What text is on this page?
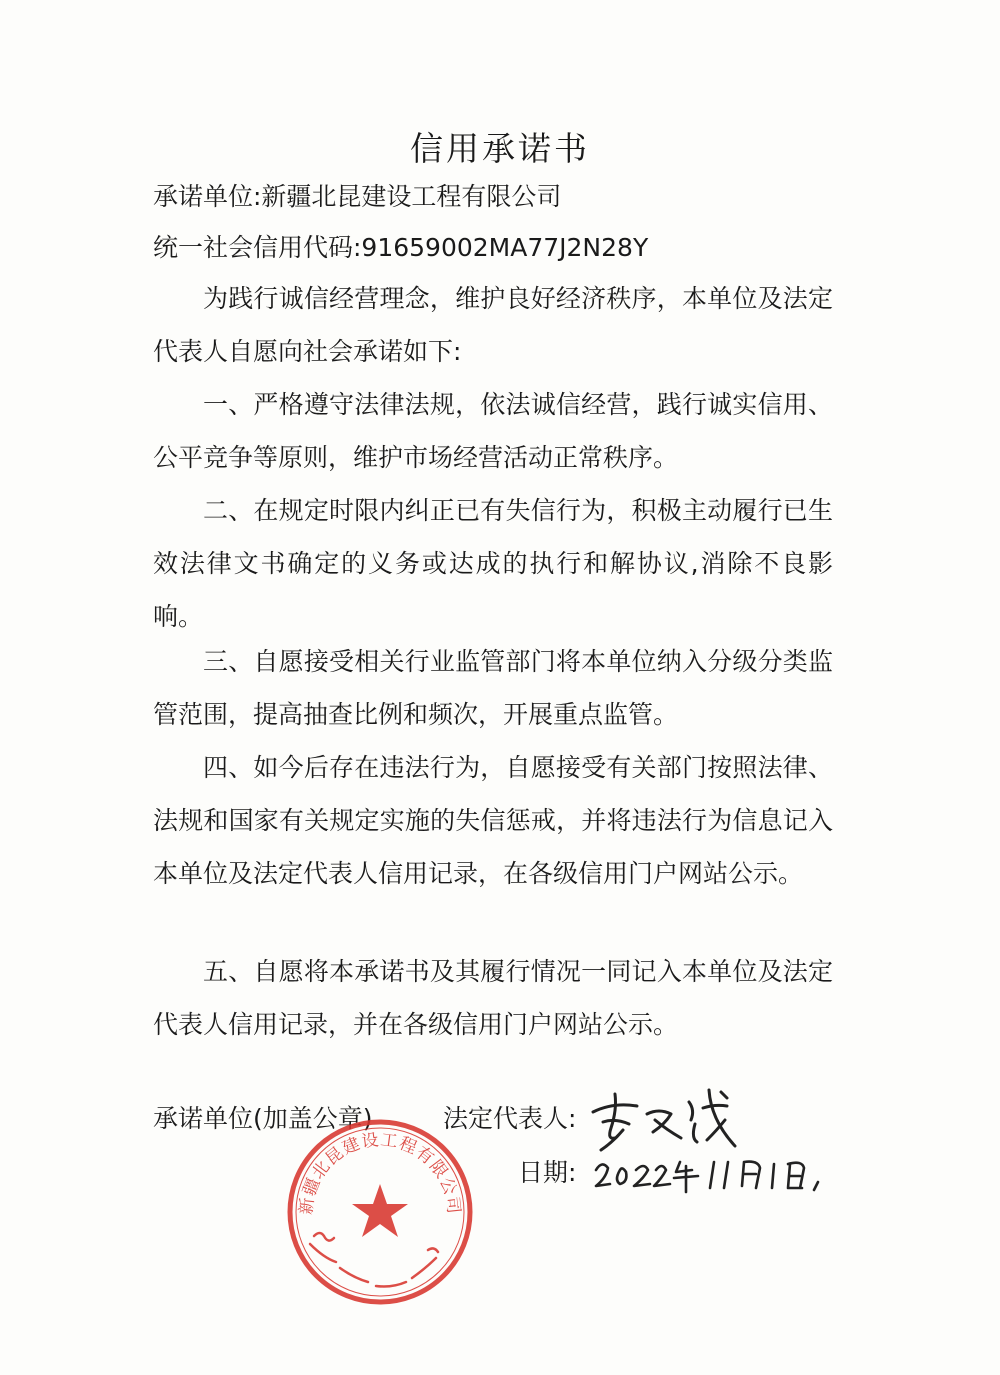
信用承诺书

承诺单位:新疆北昆建设工程有限公司

统一社会信用代码:91659002MA77J2N28Y

为践行诚信经营理念，维护良好经济秩序，本单位及法定代表人自愿向社会承诺如下:

一、严格遵守法律法规，依法诚信经营，践行诚实信用、公平竞争等原则，维护市场经营活动正常秩序。

二、在规定时限内纠正已有失信行为，积极主动履行已生效法律文书确定的义务或达成的执行和解协议,消除不良影响。

三、自愿接受相关行业监管部门将本单位纳入分级分类监管范围，提高抽查比例和频次，开展重点监管。

四、如今后存在违法行为，自愿接受有关部门按照法律、法规和国家有关规定实施的失信惩戒，并将违法行为信息记入本单位及法定代表人信用记录，在各级信用门户网站公示。

五、自愿将本承诺书及其履行情况一同记入本单位及法定代表人信用记录，并在各级信用门户网站公示。

承诺单位(加盖公章)	法定代表人:

日期:

新疆北昆建设工程有限公司
